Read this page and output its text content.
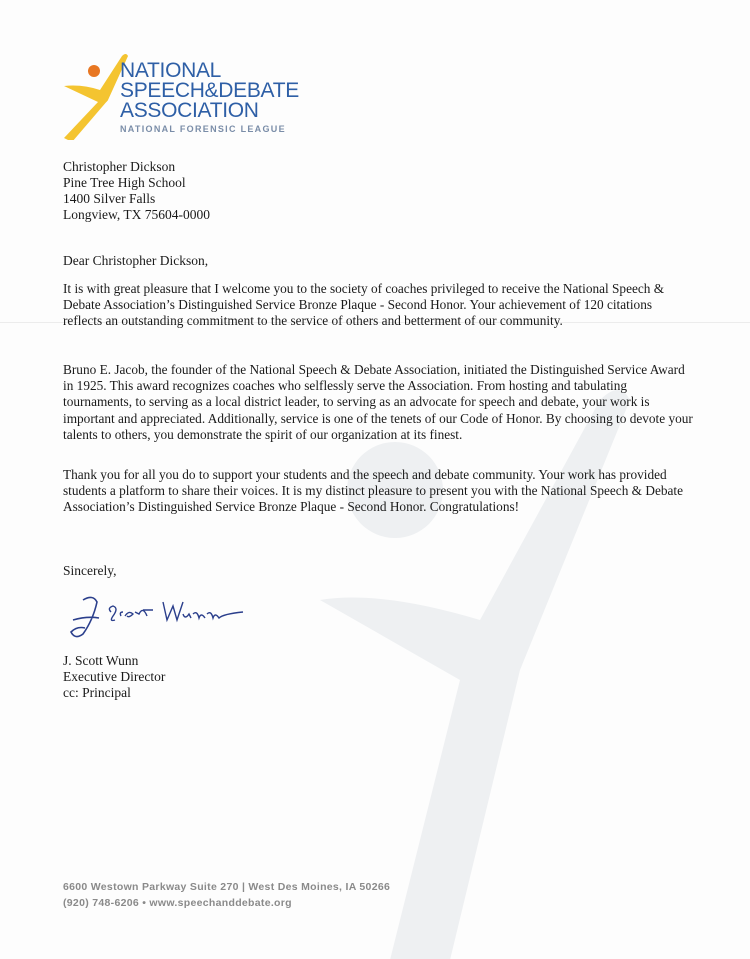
NATIONAL
SPEECH&DEBATE
ASSOCIATION
NATIONAL FORENSIC LEAGUE
Christopher Dickson
Pine Tree High School
1400 Silver Falls
Longview, TX 75604-0000
Dear Christopher Dickson,
It is with great pleasure that I welcome you to the society of coaches privileged to receive the National Speech & Debate Association’s Distinguished Service Bronze Plaque - Second Honor. Your achievement of 120 citations reflects an outstanding commitment to the service of others and betterment of our community.
Bruno E. Jacob, the founder of the National Speech & Debate Association, initiated the Distinguished Service Award in 1925. This award recognizes coaches who selflessly serve the Association. From hosting and tabulating tournaments, to serving as a local district leader, to serving as an advocate for speech and debate, your work is important and appreciated. Additionally, service is one of the tenets of our Code of Honor. By choosing to devote your talents to others, you demonstrate the spirit of our organization at its finest.
Thank you for all you do to support your students and the speech and debate community. Your work has provided students a platform to share their voices. It is my distinct pleasure to present you with the National Speech & Debate Association’s Distinguished Service Bronze Plaque - Second Honor. Congratulations!
Sincerely,
J. Scott Wunn
Executive Director
cc: Principal
6600 Westown Parkway Suite 270 | West Des Moines, IA 50266
(920) 748-6206 • www.speechanddebate.org
